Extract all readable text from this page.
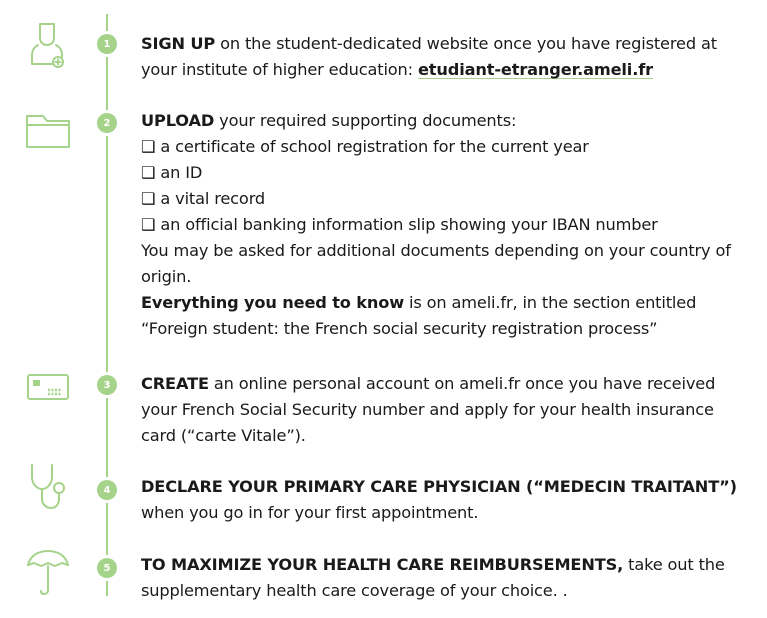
1	SIGN UP on the student-dedicated website once you have registered at your institute of higher education: etudiant-etranger.ameli.fr

2	UPLOAD your required supporting documents:

❑ a certificate of school registration for the current year

❑ an ID

❑ a vital record

❑ an official banking information slip showing your IBAN number

You may be asked for additional documents depending on your country of origin.

Everything you need to know is on ameli.fr, in the section entitled “Foreign student: the French social security registration process”

3	CREATE an online personal account on ameli.fr once you have received your French Social Security number and apply for your health insurance card (“carte Vitale”).

4	DECLARE YOUR PRIMARY CARE PHYSICIAN (“MEDECIN TRAITANT”)

when you go in for your first appointment.

5	TO MAXIMIZE YOUR HEALTH CARE REIMBURSEMENTS, take out the supplementary health care coverage of your choice. .
